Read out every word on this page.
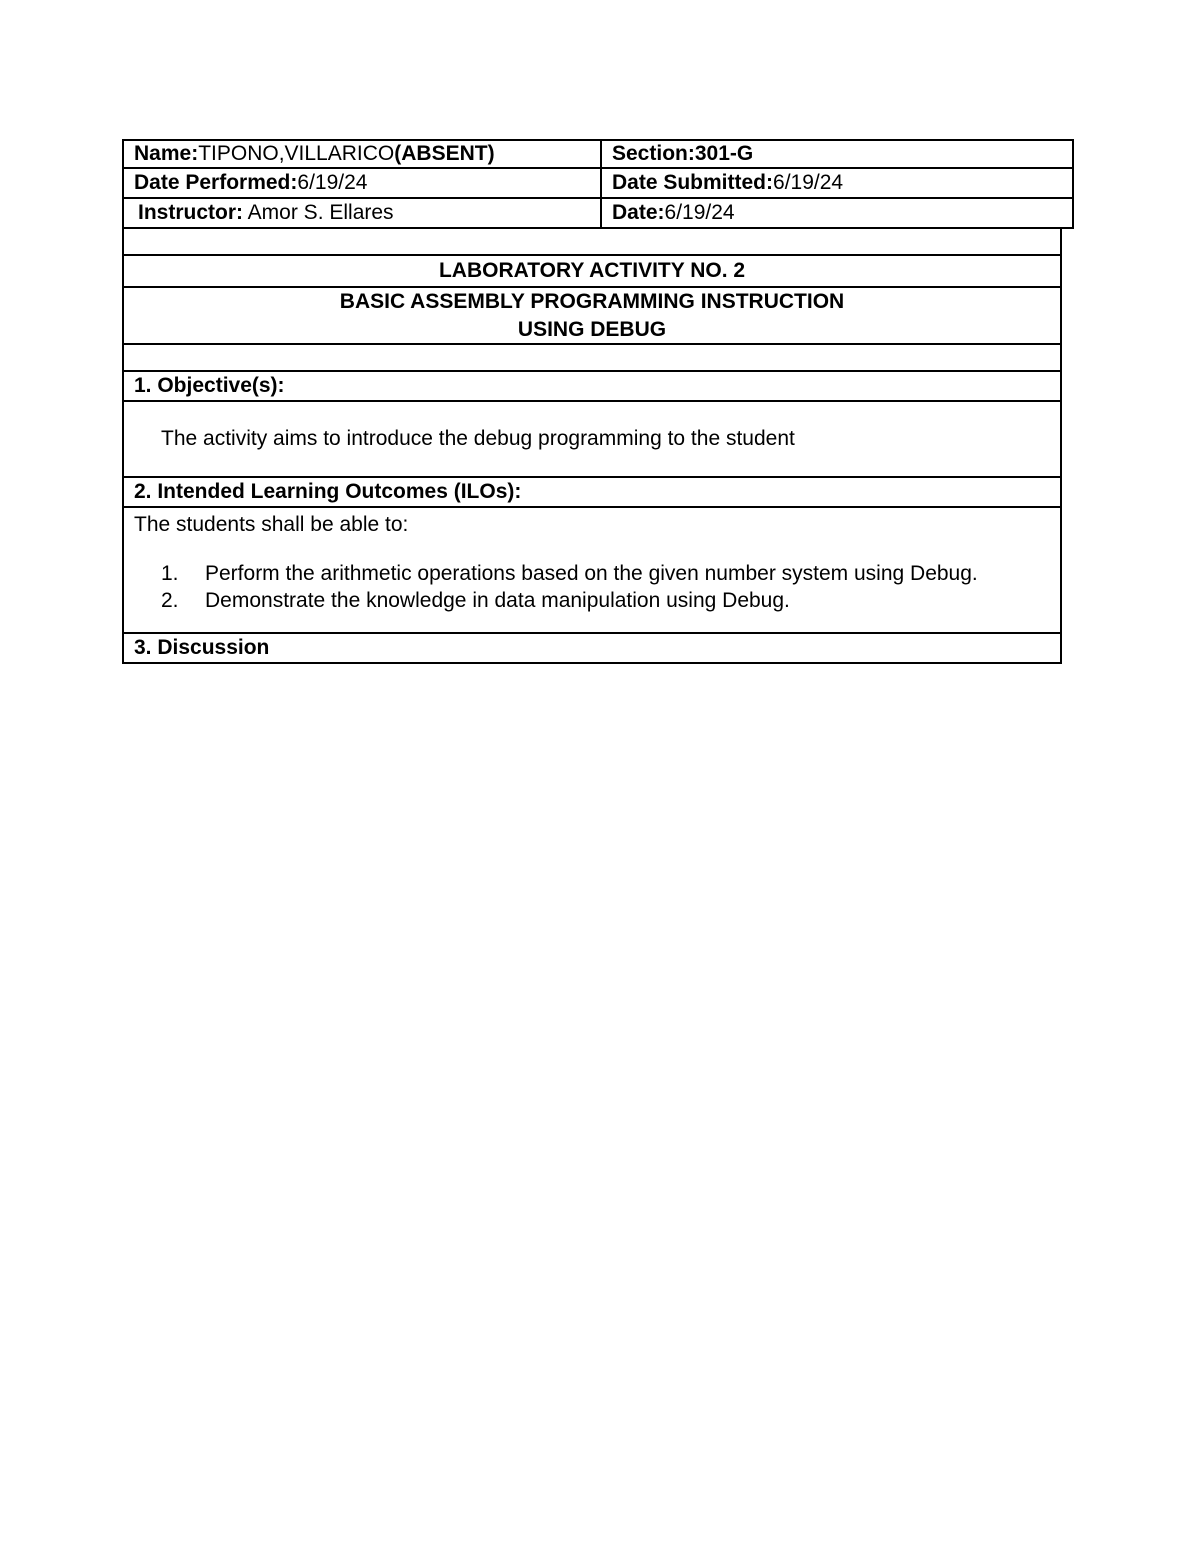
Name: TIPONO,VILLARICO (ABSENT)	Section:301-G
Date Performed: 6/19/24	Date Submitted: 6/19/24
Instructor: Amor S. Ellares	Date: 6/19/24
LABORATORY ACTIVITY NO. 2
BASIC ASSEMBLY PROGRAMMING INSTRUCTION
USING DEBUG
1. Objective(s):
The activity aims to introduce the debug programming to the student
2. Intended Learning Outcomes (ILOs):
The students shall be able to:
1.	Perform the arithmetic operations based on the given number system using Debug.
2.	Demonstrate the knowledge in data manipulation using Debug.
3. Discussion
